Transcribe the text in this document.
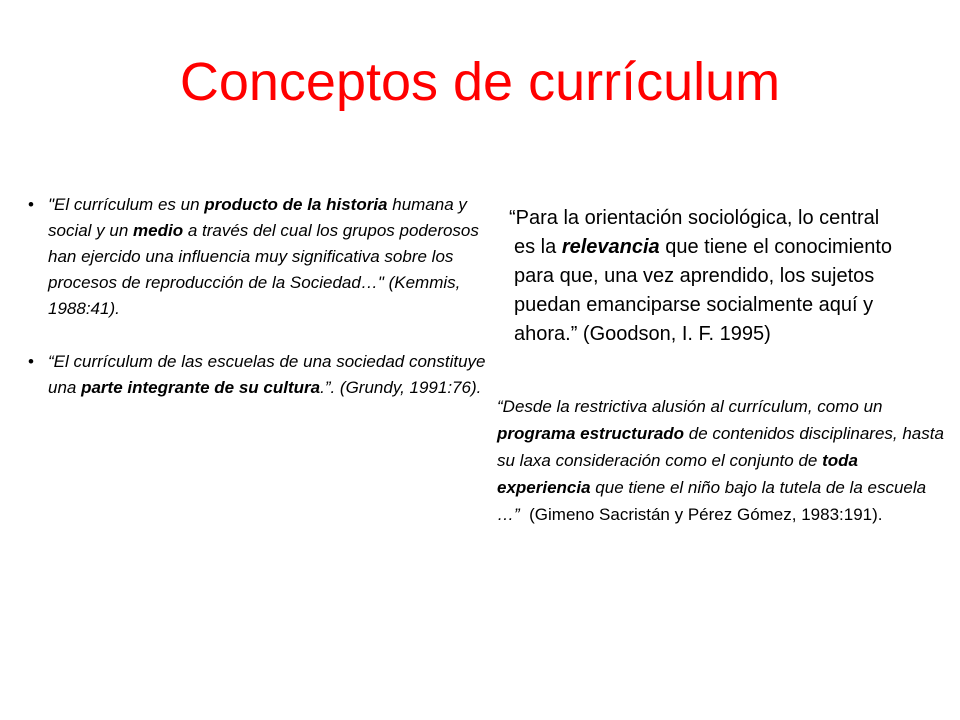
Conceptos de currículum
• "El currículum es un producto de la historia humana y social y un medio a través del cual los grupos poderosos han ejercido una influencia muy significativa sobre los procesos de reproducción de la Sociedad…" (Kemmis, 1988:41).
• “El currículum de las escuelas de una sociedad constituye una parte integrante de su cultura.”. (Grundy, 1991:76).
“Para la orientación sociológica, lo central
es la relevancia que tiene el conocimiento
para que, una vez aprendido, los sujetos
puedan emanciparse socialmente aquí y
ahora.” (Goodson, I. F. 1995)
“Desde la restrictiva alusión al currículum, como un programa estructurado de contenidos disciplinares, hasta su laxa consideración como el conjunto de toda experiencia que tiene el niño bajo la tutela de la escuela …”  (Gimeno Sacristán y Pérez Gómez, 1983:191).
